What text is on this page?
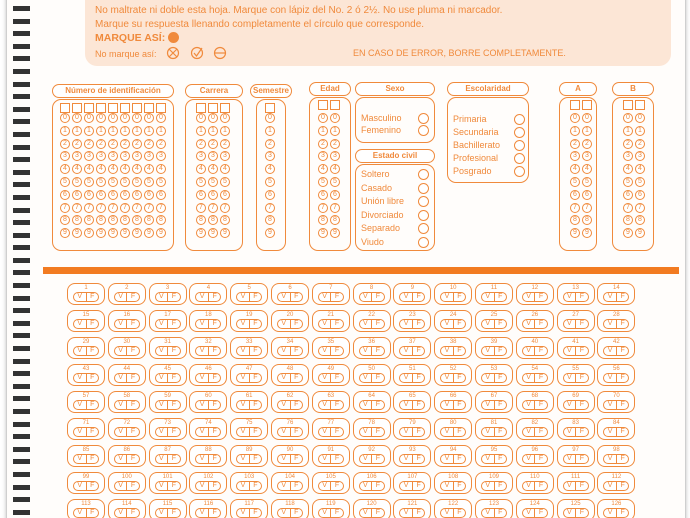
No maltrate ni doble esta hoja. Marque con lápiz del No. 2 ó 2½. No use pluma ni marcador.
Marque su respuesta llenando completamente el círculo que corresponde.
MARQUE ASÍ:
No marque así:	EN CASO DE ERROR, BORRE COMPLETAMENTE.
Número de identificación	Carrera	Semestre	Edad	Sexo
Estado civil
Escolaridad	A	B
0
1
2
3
4
5
6
7
8
9
0
1
2
3
4
5
6
7
8
9
0
1
2
3
4
5
6
7
8
9
0
1
2
3
4
5
6
7
8
9
0
1
2
3
4
5
6
7
8
9
0
1
2
3
4
5
6
7
8
9
0
1
2
3
4
5
6
7
8
9
0
1
2
3
4
5
6
7
8
9
0
1
2
3
4
5
6
7
8
9
0
1
2
3
4
5
6
7
8
9
0
1
2
3
4
5
6
7
8
9
0
1
2
3
4
5
6
7
8
9
0
1
2
3
4
5
6
7
8
9
0
1
2
3
4
5
6
7
8
9
0
1
2
3
4
5
6
7
8
9
0
1
2
3
4
5
6
7
8
9
0
1
2
3
4
5
6
7
8
9
0
1
2
3
4
5
6
7
8
9
0
1
2
3
4
5
6
7
8
9
Masculino
Femenino
Soltero
Casado
Unión libre
Divorciado
Separado
Viudo
Primaria
Secundaria
Bachillerato
Profesional
Posgrado
1
V	F
2
V	F
3
V	F
4
V	F
5
V	F
6
V	F
7
V	F
8
V	F
9
V	F
10
V	F
11
V	F
12
V	F
13
V	F
14
V	F
15
V	F
16
V	F
17
V	F
18
V	F
19
V	F
20
V	F
21
V	F
22
V	F
23
V	F
24
V	F
25
V	F
26
V	F
27
V	F
28
V	F
29
V	F
30
V	F
31
V	F
32
V	F
33
V	F
34
V	F
35
V	F
36
V	F
37
V	F
38
V	F
39
V	F
40
V	F
41
V	F
42
V	F
43
V	F
44
V	F
45
V	F
46
V	F
47
V	F
48
V	F
49
V	F
50
V	F
51
V	F
52
V	F
53
V	F
54
V	F
55
V	F
56
V	F
57
V	F
58
V	F
59
V	F
60
V	F
61
V	F
62
V	F
63
V	F
64
V	F
65
V	F
66
V	F
67
V	F
68
V	F
69
V	F
70
V	F
71
V	F
72
V	F
73
V	F
74
V	F
75
V	F
76
V	F
77
V	F
78
V	F
79
V	F
80
V	F
81
V	F
82
V	F
83
V	F
84
V	F
85
V	F
86
V	F
87
V	F
88
V	F
89
V	F
90
V	F
91
V	F
92
V	F
93
V	F
94
V	F
95
V	F
96
V	F
97
V	F
98
V	F
99
V	F
100
V	F
101
V	F
102
V	F
103
V	F
104
V	F
105
V	F
106
V	F
107
V	F
108
V	F
109
V	F
110
V	F
111
V	F
112
V	F
113
V	F
114
V	F
115
V	F
116
V	F
117
V	F
118
V	F
119
V	F
120
V	F
121
V	F
122
V	F
123
V	F
124
V	F
125
V	F
126
V	F
